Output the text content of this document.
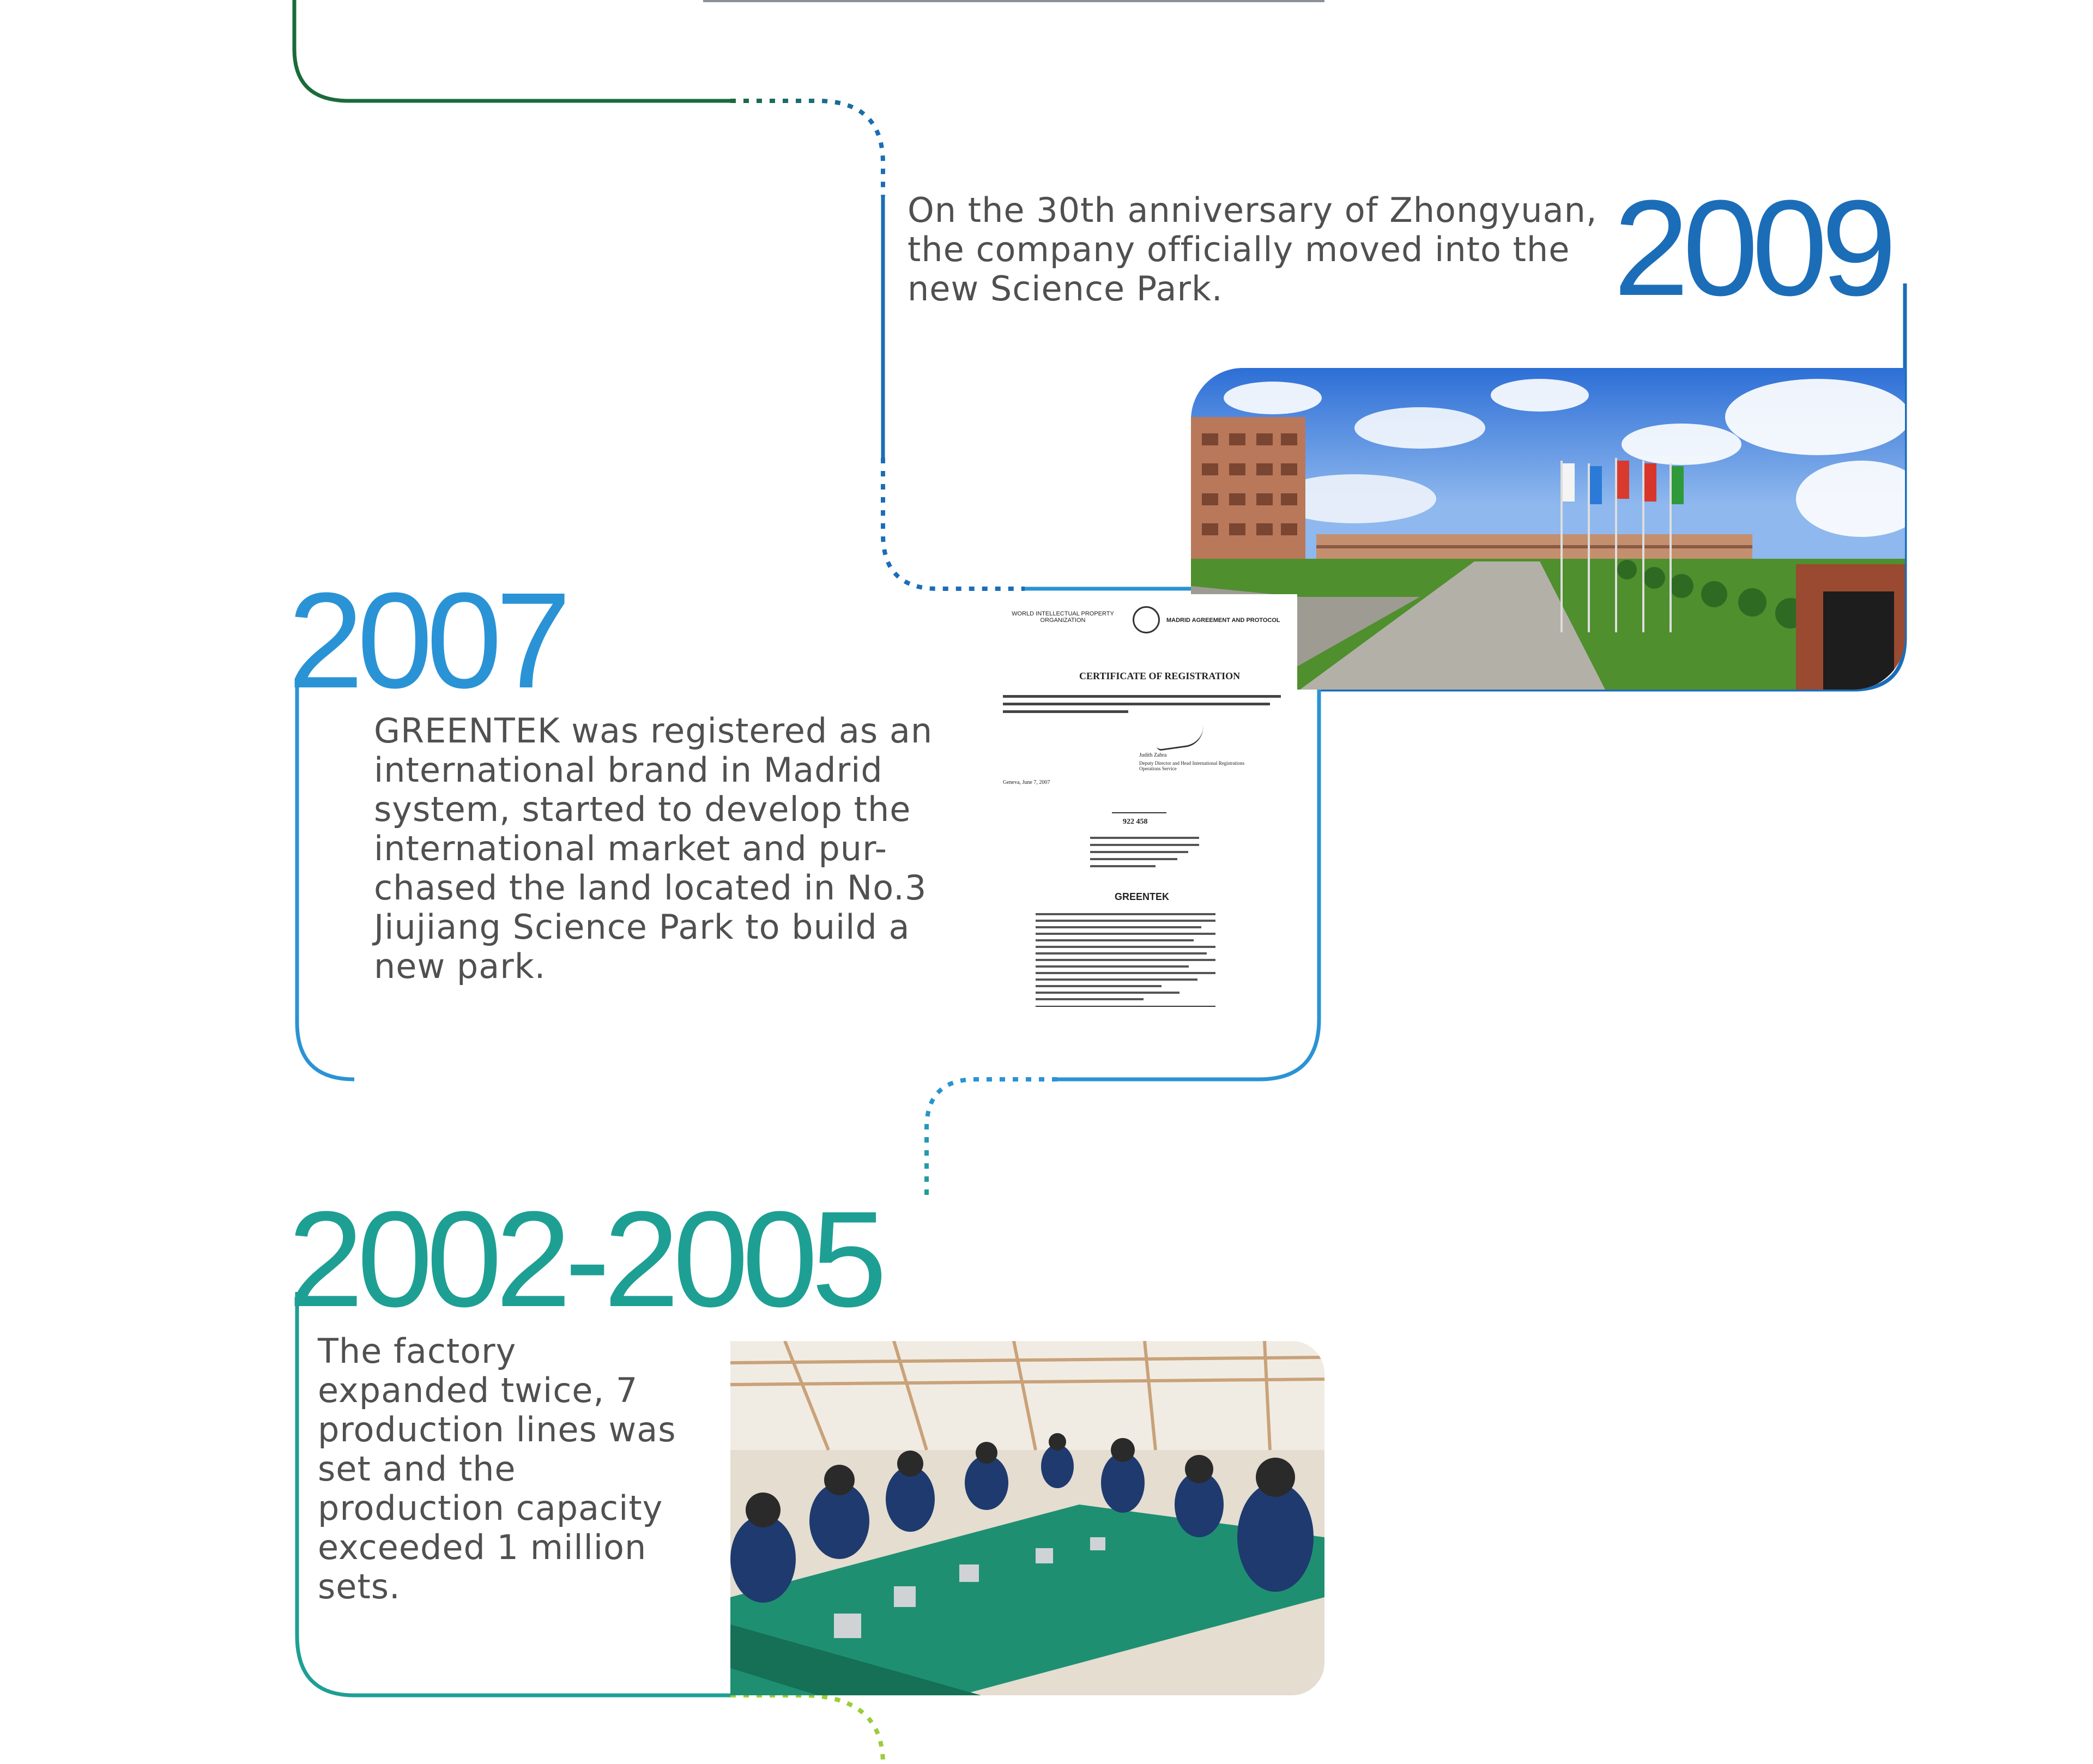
On the 30th anniversary of Zhongyuan, the company officially moved into the new Science Park.	2009
2007
GREENTEK was registered as an international brand in Madrid system, started to develop the international market and pur-chased the land located in No.3 Jiujiang Science Park to build a new park.
WORLD INTELLECTUAL PROPERTY ORGANIZATION	MADRID AGREEMENT AND PROTOCOL
CERTIFICATE OF REGISTRATION
Judith Zahra
Deputy Director and Head International Registrations Operations Service
Geneva, June 7, 2007
922 458
GREENTEK
2002-2005
The factory expanded twice, 7 production lines was set and the production capacity exceeded 1 million sets.
